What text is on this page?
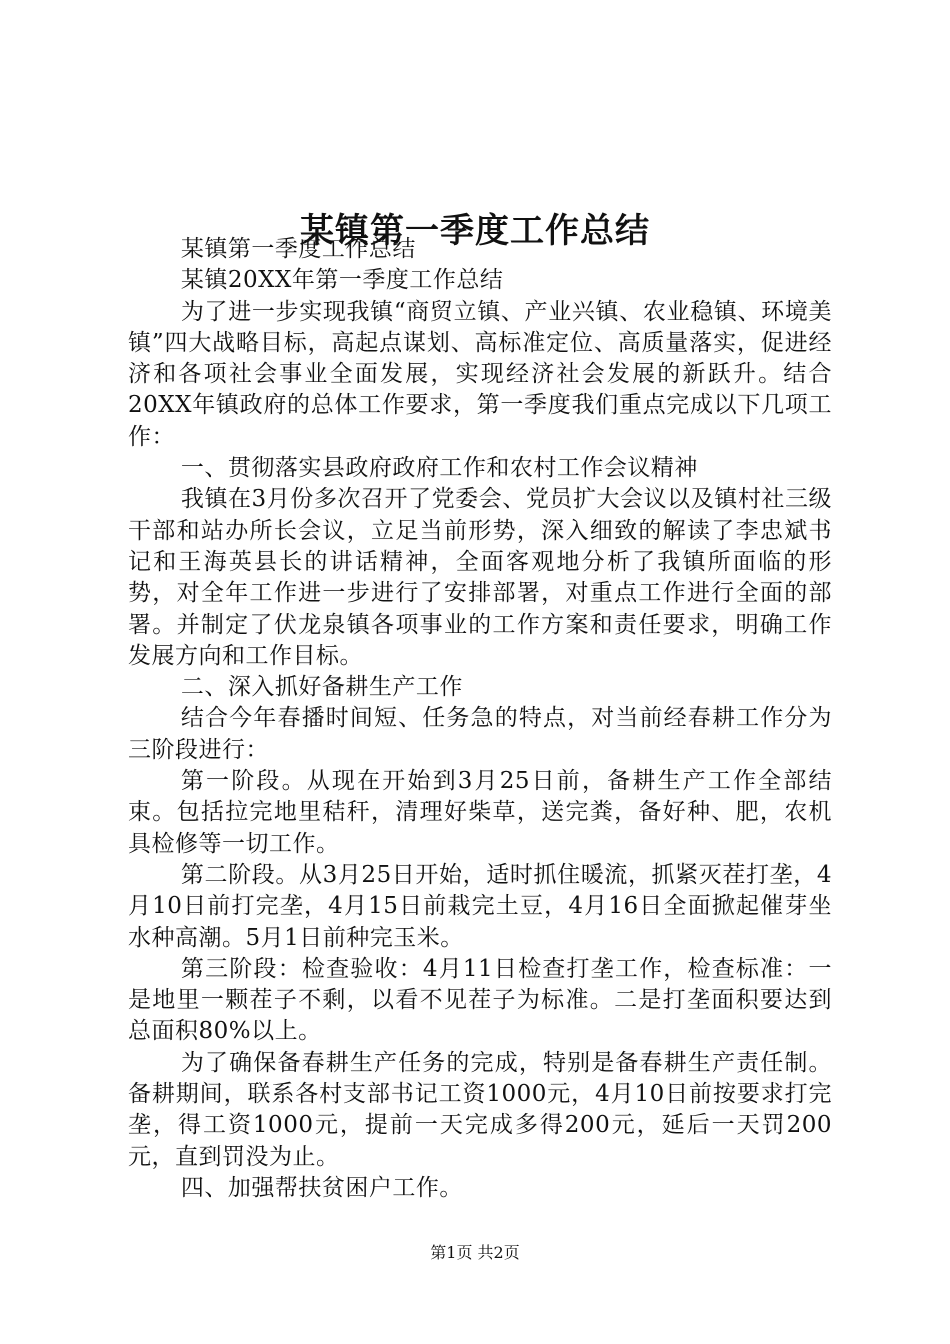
某镇第一季度工作总结

某镇第一季度工作总结

某镇20XX年第一季度工作总结

为了进一步实现我镇“商贸立镇、产业兴镇、农业稳镇、环境美镇”四大战略目标，高起点谋划、高标准定位、高质量落实，促进经济和各项社会事业全面发展，实现经济社会发展的新跃升。结合20XX年镇政府的总体工作要求，第一季度我们重点完成以下几项工作：

一、贯彻落实县政府政府工作和农村工作会议精神

我镇在3月份多次召开了党委会、党员扩大会议以及镇村社三级干部和站办所长会议，立足当前形势，深入细致的解读了李忠斌书记和王海英县长的讲话精神，全面客观地分析了我镇所面临的形势，对全年工作进一步进行了安排部署，对重点工作进行全面的部署。并制定了伏龙泉镇各项事业的工作方案和责任要求，明确工作发展方向和工作目标。

二、深入抓好备耕生产工作

结合今年春播时间短、任务急的特点，对当前经春耕工作分为三阶段进行：

第一阶段。从现在开始到3月25日前，备耕生产工作全部结束。包括拉完地里秸秆，清理好柴草，送完粪，备好种、肥，农机具检修等一切工作。

第二阶段。从3月25日开始，适时抓住暖流，抓紧灭茬打垄，4月10日前打完垄，4月15日前栽完土豆，4月16日全面掀起催芽坐水种高潮。5月1日前种完玉米。

第三阶段：检查验收：4月11日检查打垄工作，检查标准：一是地里一颗茬子不剩，以看不见茬子为标准。二是打垄面积要达到总面积80%以上。

为了确保备春耕生产任务的完成，特别是备春耕生产责任制。备耕期间，联系各村支部书记工资1000元，4月10日前按要求打完垄，得工资1000元，提前一天完成多得200元，延后一天罚200元，直到罚没为止。

四、加强帮扶贫困户工作。

第1页 共2页
